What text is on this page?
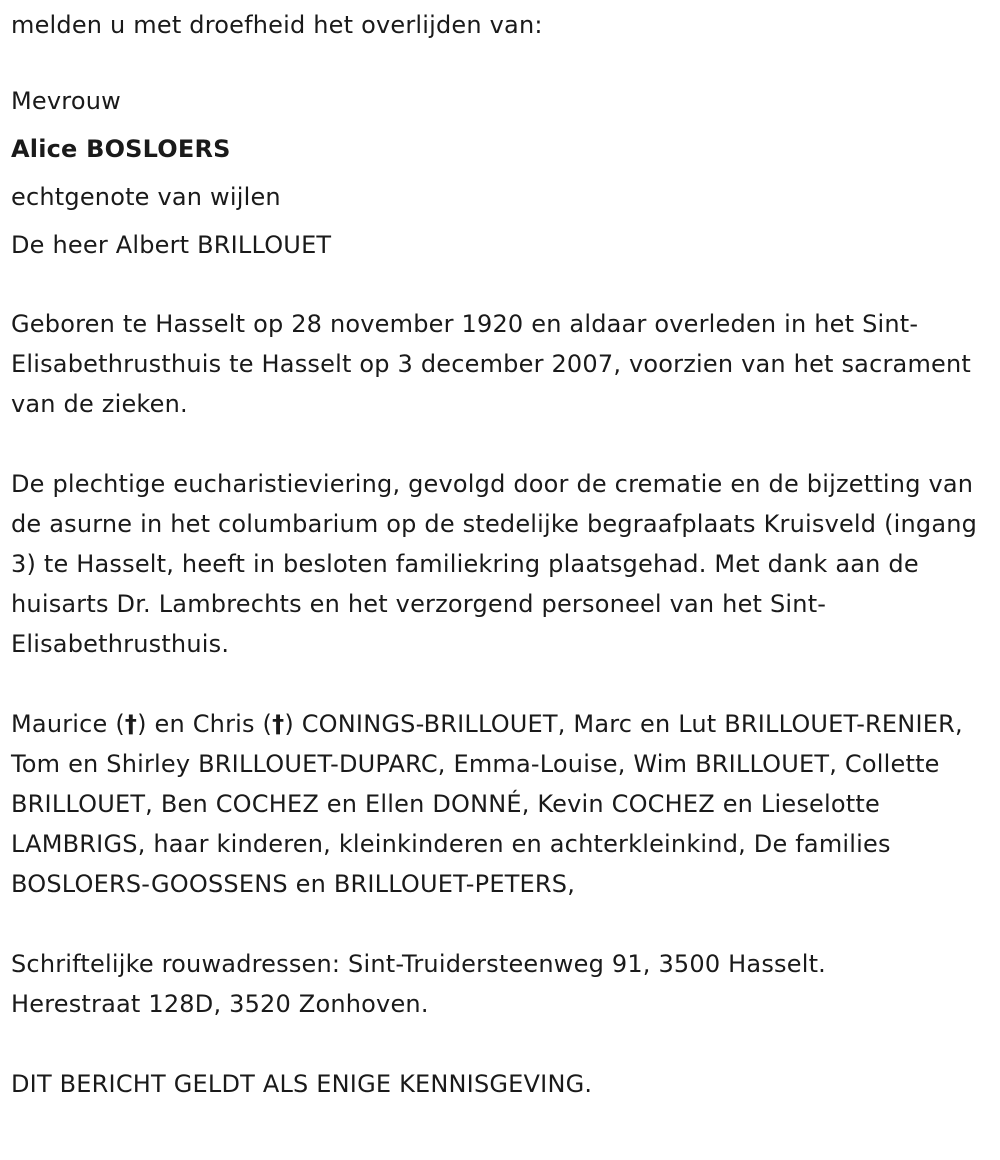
melden u met droefheid het overlijden van:

Mevrouw

Alice BOSLOERS

echtgenote van wijlen

De heer Albert BRILLOUET

Geboren te Hasselt op 28 november 1920 en aldaar overleden in het Sint-Elisabethrusthuis te Hasselt op 3 december 2007, voorzien van het sacrament van de zieken.

De plechtige eucharistieviering, gevolgd door de crematie en de bijzetting van de asurne in het columbarium op de stedelijke begraafplaats Kruisveld (ingang 3) te Hasselt, heeft in besloten familiekring plaatsgehad. Met dank aan de huisarts Dr. Lambrechts en het verzorgend personeel van het Sint-Elisabethrusthuis.

Maurice (†) en Chris (†) CONINGS-BRILLOUET, Marc en Lut BRILLOUET-RENIER, Tom en Shirley BRILLOUET-DUPARC, Emma-Louise, Wim BRILLOUET, Collette BRILLOUET, Ben COCHEZ en Ellen DONNÉ, Kevin COCHEZ en Lieselotte LAMBRIGS, haar kinderen, kleinkinderen en achterkleinkind, De families BOSLOERS-GOOSSENS en BRILLOUET-PETERS,

Schriftelijke rouwadressen: Sint-Truidersteenweg 91, 3500 Hasselt.

Herestraat 128D, 3520 Zonhoven.

DIT BERICHT GELDT ALS ENIGE KENNISGEVING.
